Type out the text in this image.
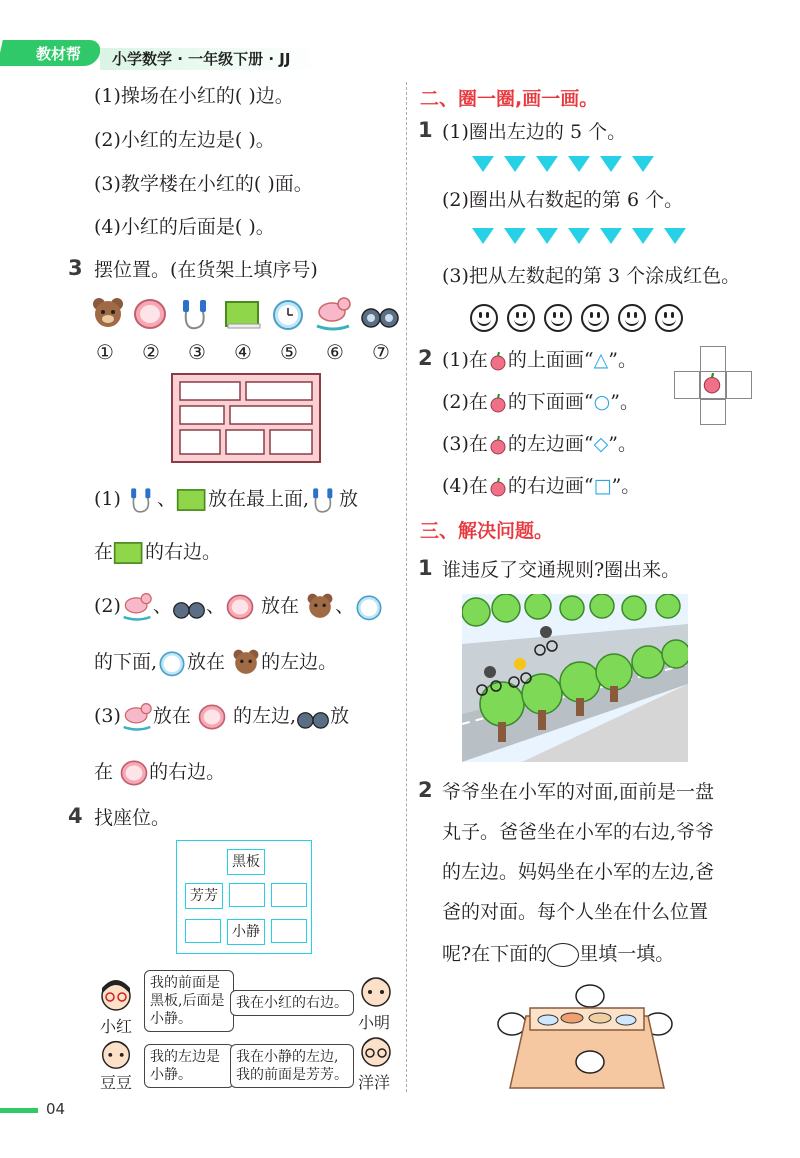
教材帮 小学数学 · 一年级下册 · JJ
(1)操场在小红的( )边。
(2)小红的左边是( )。
(3)教学楼在小红的( )面。
(4)小红的后面是( )。
3 摆位置。(在货架上填序号)
① ② ③ ④ ⑤ ⑥ ⑦
(1) 、 放在最上面, 放
在 的右边。
(2) 、 、 放在 、
的下面, 放在 的左边。
(3) 放在 的左边, 放
在 的右边。
4 找座位。
黑板
芳芳
小静
小红
我的前面是黑板,后面是小静。
我在小红的右边。
小明
豆豆
我的左边是小静。
我在小静的左边,我的前面是芳芳。 洋洋
04
二、圈一圈,画一画。
1 (1)圈出左边的 5 个。
(2)圈出从右数起的第 6 个。
(3)把从左数起的第 3 个涂成红色。
2 (1)在 的上面画“△”。
(2)在 的下面画“○”。
(3)在 的左边画“◇”。
(4)在 的右边画“□”。
三、解决问题。
1 谁违反了交通规则?圈出来。
2 爷爷坐在小军的对面,面前是一盘
丸子。爸爸坐在小军的右边,爷爷
的左边。妈妈坐在小军的左边,爸
爸的对面。每个人坐在什么位置
呢?在下面的 里填一填。
